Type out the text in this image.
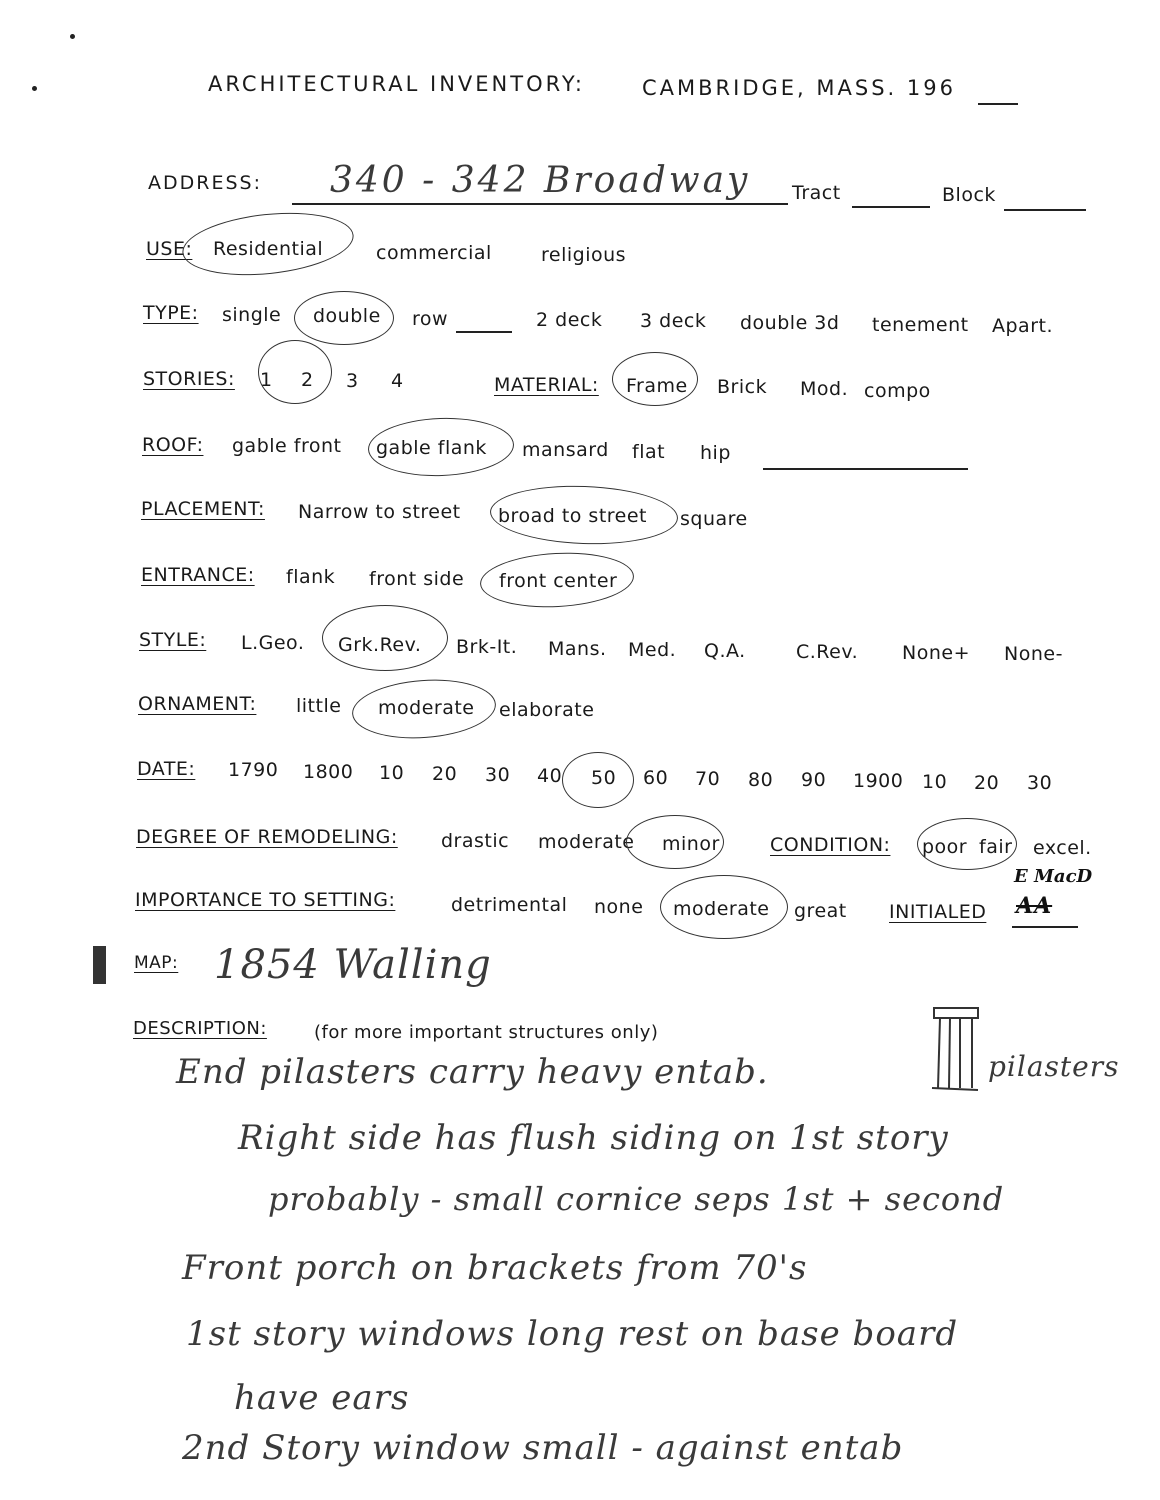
ARCHITECTURAL INVENTORY:	CAMBRIDGE, MASS. 196
ADDRESS: 340 - 342 Broadway Tract	Block
USE: Residential	commercial	religious
TYPE: single double row	2 deck 3 deck double 3d tenement Apart.
STORIES: 1 2 3 4	MATERIAL: Frame Brick Mod. compo
ROOF: gable front gable flank mansard flat hip
PLACEMENT: Narrow to street broad to street square
ENTRANCE: flank front side front center
STYLE: L.Geo. Grk.Rev. Brk-It. Mans. Med. Q.A.	C.Rev. None+ None-
ORNAMENT: little moderate elaborate
DATE: 1790 1800 10 20 30 40 50 60 70 80 90 1900 10 20 30
DEGREE OF REMODELING: drastic moderate minor	CONDITION: poor fair excel.
IMPORTANCE TO SETTING:	detrimental none moderate great INITIALED
E MacD
AA
MAP: 1854 Walling
DESCRIPTION:	(for more important structures only)
End pilasters carry heavy entab.
Right side has flush siding on 1st story
probably - small cornice seps 1st + second
Front porch on brackets from 70's
1st story windows long rest on base board
have ears
2nd Story window small - against entab
pilasters
